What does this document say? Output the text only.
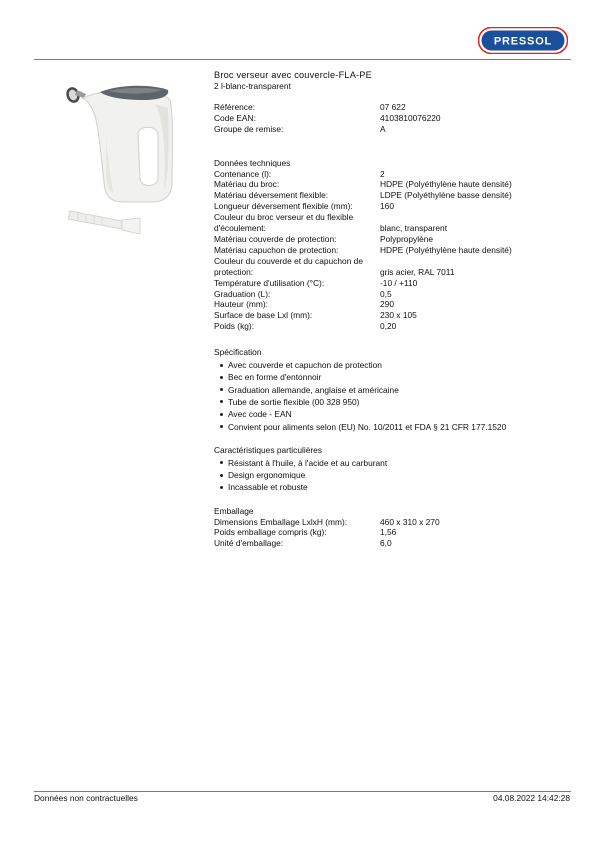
PRESSOL
Broc verseur avec couvercle-FLA-PE
2 l-blanc-transparent
Référence:	07 622
Code EAN:	4103810076220
Groupe de remise:	A
Données techniques
Contenance (l):	2
Matériau du broc:	HDPE (Polyéthylène haute densité)
Matériau déversement flexible:	LDPE (Polyéthylène basse densité)
Longueur déversement flexible (mm):	160
Couleur du broc verseur et du flexible
d'écoulement:	blanc, transparent
Matériau couverde de protection:	Polypropylène
Matériau capuchon de protection:	HDPE (Polyéthylène haute densité)
Couleur du couverde et du capuchon de
protection:	gris acier, RAL 7011
Température d'utilisation (°C):	-10 / +110
Graduation (L):	0,5
Hauteur (mm):	290
Surface de base Lxl (mm):	230 x 105
Poids (kg):	0,20
Spécification
Avec couverde et capuchon de protection
Bec en forme d'entonnoir
Graduation allemande, anglaise et américaine
Tube de sortie flexible (00 328 950)
Avec code - EAN
Convient pour aliments selon (EU) No. 10/2011 et FDA § 21 CFR 177.1520
Caractéristiques particulières
Résistant à l'huile, à l'acide et au carburant
Design ergonomique
Incassable et robuste
Emballage
Dimensions Emballage LxlxH (mm):	460 x 310 x 270
Poids emballage compris (kg):	1,56
Unité d'emballage:	6,0
Données non contractuelles	04.08.2022 14:42:28
